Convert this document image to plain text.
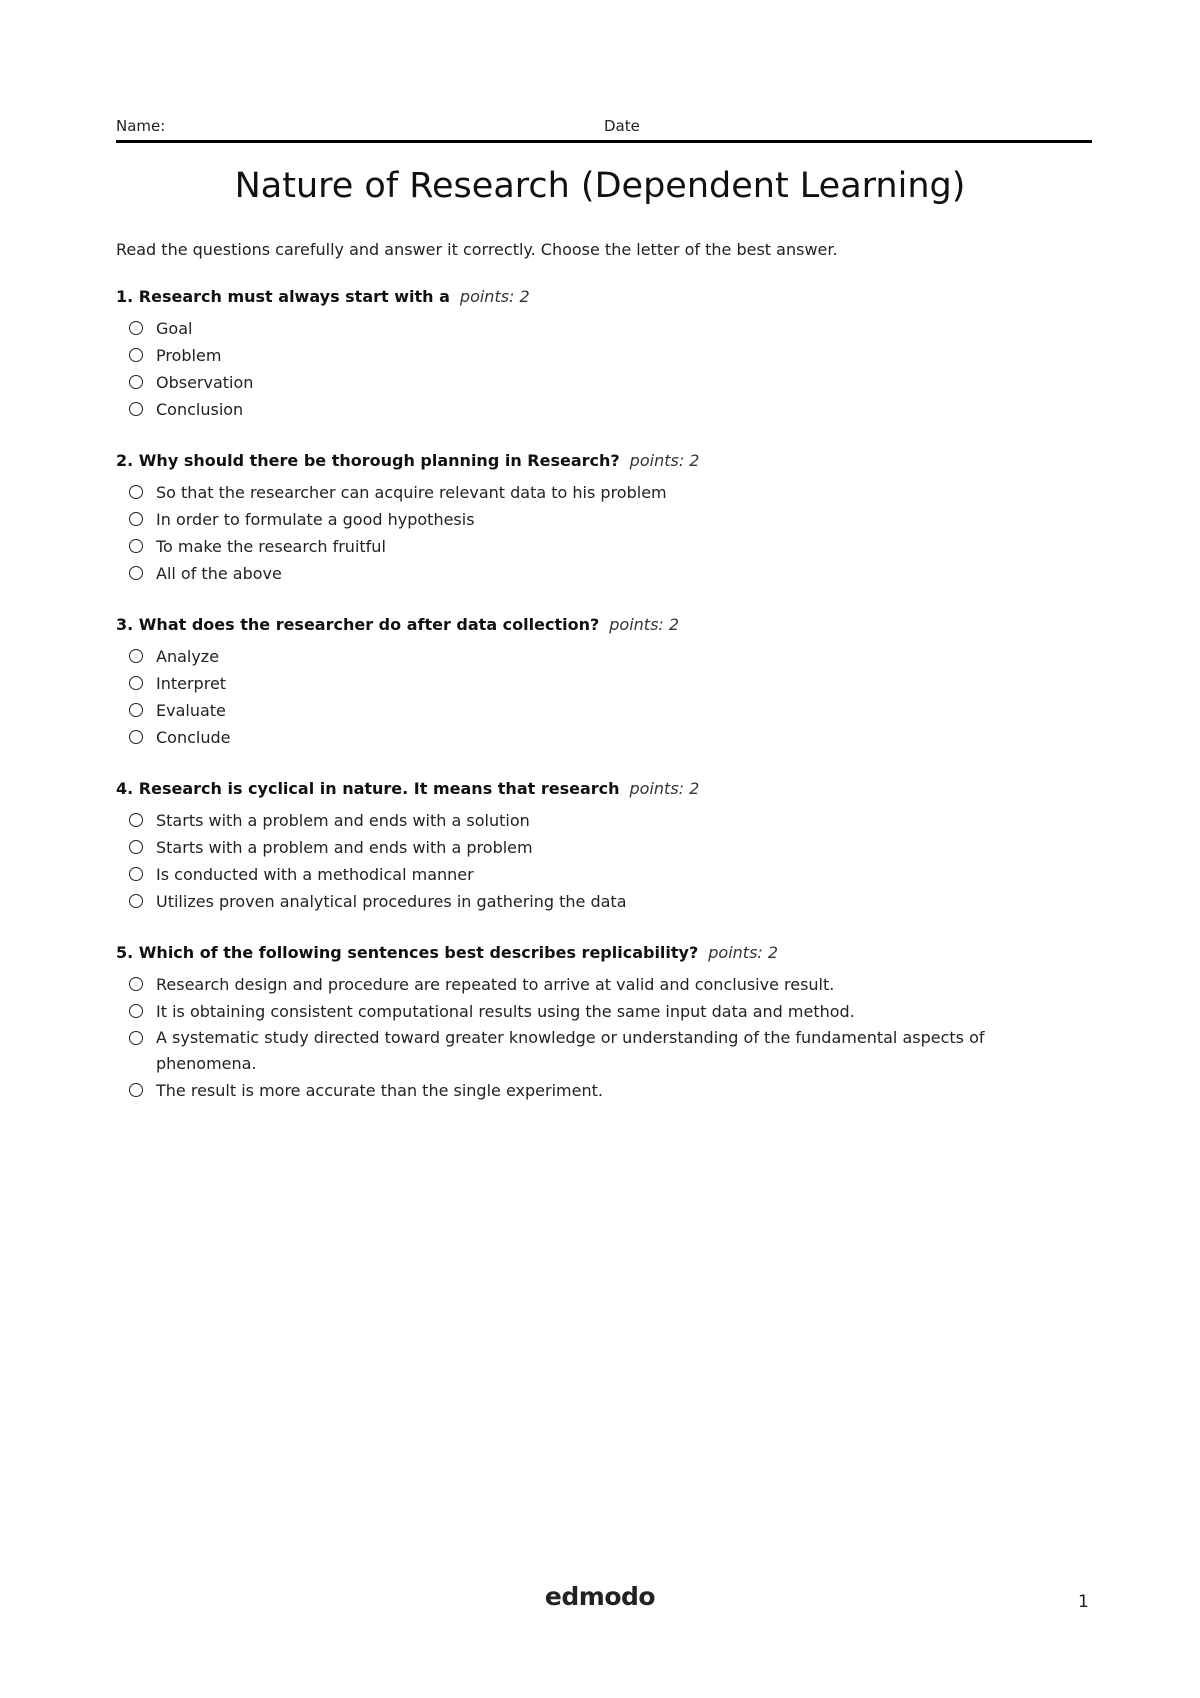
Name:	Date
Nature of Research (Dependent Learning)
Read the questions carefully and answer it correctly. Choose the letter of the best answer.
1. Research must always start with a points: 2
Goal
Problem
Observation
Conclusion
2. Why should there be thorough planning in Research? points: 2
So that the researcher can acquire relevant data to his problem
In order to formulate a good hypothesis
To make the research fruitful
All of the above
3. What does the researcher do after data collection? points: 2
Analyze
Interpret
Evaluate
Conclude
4. Research is cyclical in nature. It means that research points: 2
Starts with a problem and ends with a solution
Starts with a problem and ends with a problem
Is conducted with a methodical manner
Utilizes proven analytical procedures in gathering the data
5. Which of the following sentences best describes replicability? points: 2
Research design and procedure are repeated to arrive at valid and conclusive result.
It is obtaining consistent computational results using the same input data and method.
A systematic study directed toward greater knowledge or understanding of the fundamental aspects of phenomena.
The result is more accurate than the single experiment.
edmodo	1
